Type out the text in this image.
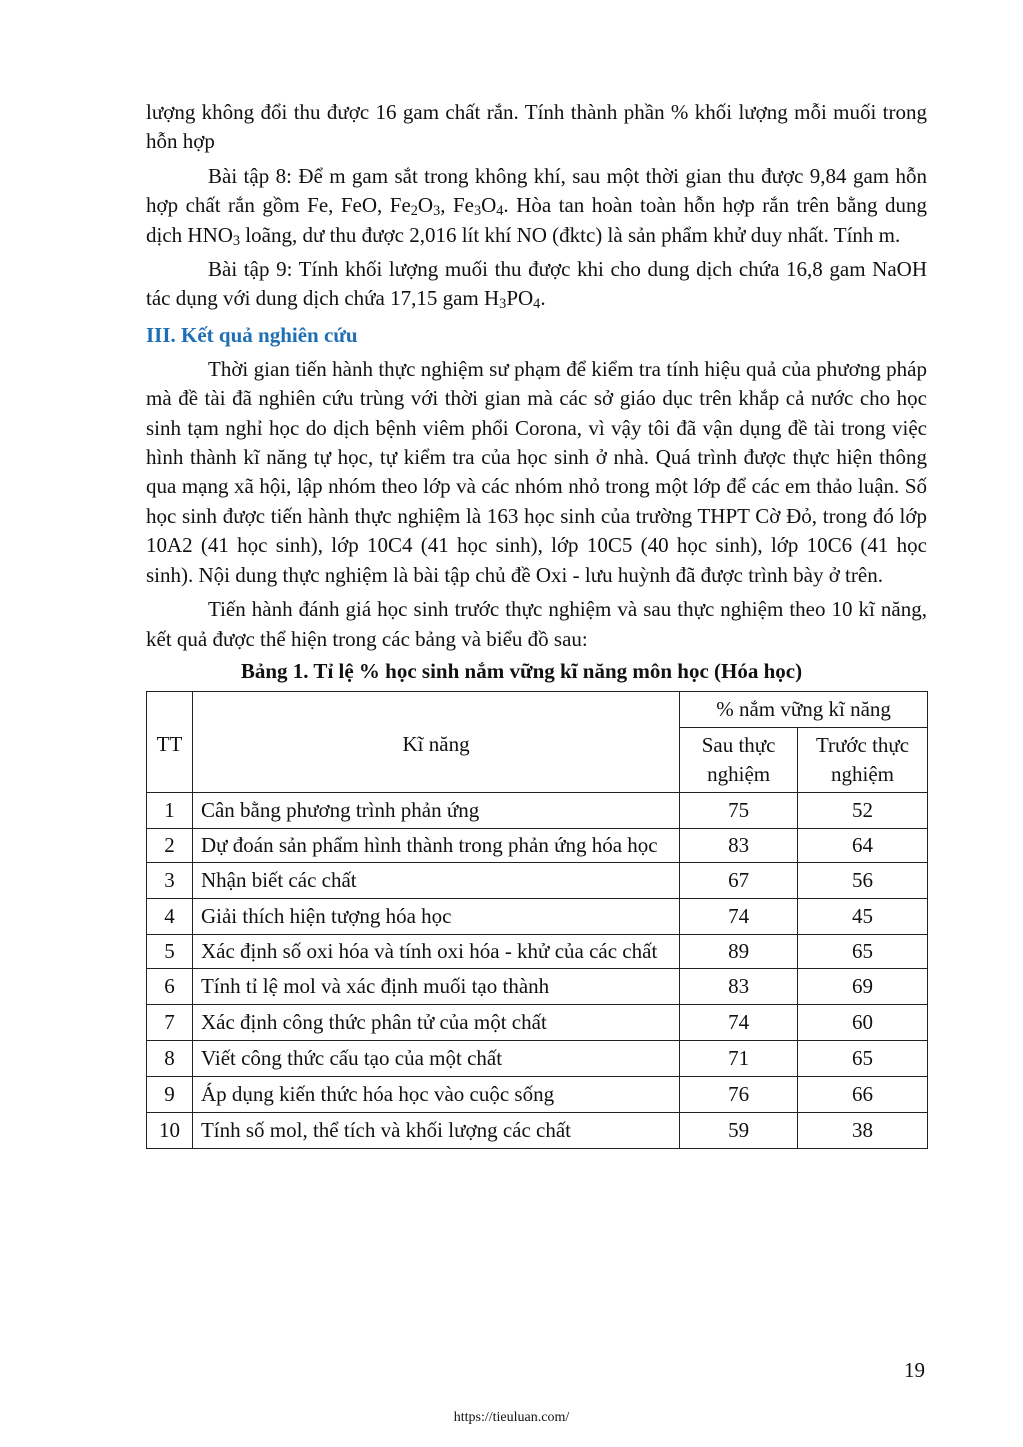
lượng không đổi thu được 16 gam chất rắn. Tính thành phần % khối lượng mỗi muối trong hỗn hợp

Bài tập 8: Để m gam sắt trong không khí, sau một thời gian thu được 9,84 gam hỗn hợp chất rắn gồm Fe, FeO, $Fe_2O_3$, $Fe_3O_4$. Hòa tan hoàn toàn hỗn hợp rắn trên bằng dung dịch $HNO_3$ loãng, dư thu được 2,016 lít khí NO (đktc) là sản phẩm khử duy nhất. Tính m.

Bài tập 9: Tính khối lượng muối thu được khi cho dung dịch chứa 16,8 gam NaOH tác dụng với dung dịch chứa 17,15 gam $H_3PO_4$.

III. Kết quả nghiên cứu

Thời gian tiến hành thực nghiệm sư phạm để kiểm tra tính hiệu quả của phương pháp mà đề tài đã nghiên cứu trùng với thời gian mà các sở giáo dục trên khắp cả nước cho học sinh tạm nghỉ học do dịch bệnh viêm phổi Corona, vì vậy tôi đã vận dụng đề tài trong việc hình thành kĩ năng tự học, tự kiểm tra của học sinh ở nhà. Quá trình được thực hiện thông qua mạng xã hội, lập nhóm theo lớp và các nhóm nhỏ trong một lớp để các em thảo luận. Số học sinh được tiến hành thực nghiệm là 163 học sinh của trường THPT Cờ Đỏ, trong đó lớp 10A2 (41 học sinh), lớp 10C4 (41 học sinh), lớp 10C5 (40 học sinh), lớp 10C6 (41 học sinh). Nội dung thực nghiệm là bài tập chủ đề Oxi - lưu huỳnh đã được trình bày ở trên.

Tiến hành đánh giá học sinh trước thực nghiệm và sau thực nghiệm theo 10 kĩ năng, kết quả được thể hiện trong các bảng và biểu đồ sau:

Bảng 1. Tỉ lệ % học sinh nắm vững kĩ năng môn học (Hóa học)
TT	Kĩ năng	% nắm vững kĩ năng	
		Sau thực nghiệm	Trước thực nghiệm
1	Cân bằng phương trình phản ứng	75	52
2	Dự đoán sản phẩm hình thành trong phản ứng hóa học	83	64
3	Nhận biết các chất	67	56
4	Giải thích hiện tượng hóa học	74	45
5	Xác định số oxi hóa và tính oxi hóa - khử của các chất	89	65
6	Tính tỉ lệ mol và xác định muối tạo thành	83	69
7	Xác định công thức phân tử của một chất	74	60
8	Viết công thức cấu tạo của một chất	71	65
9	Áp dụng kiến thức hóa học vào cuộc sống	76	66
10	Tính số mol, thể tích và khối lượng các chất	59	38
19
https://tieuluan.com/
